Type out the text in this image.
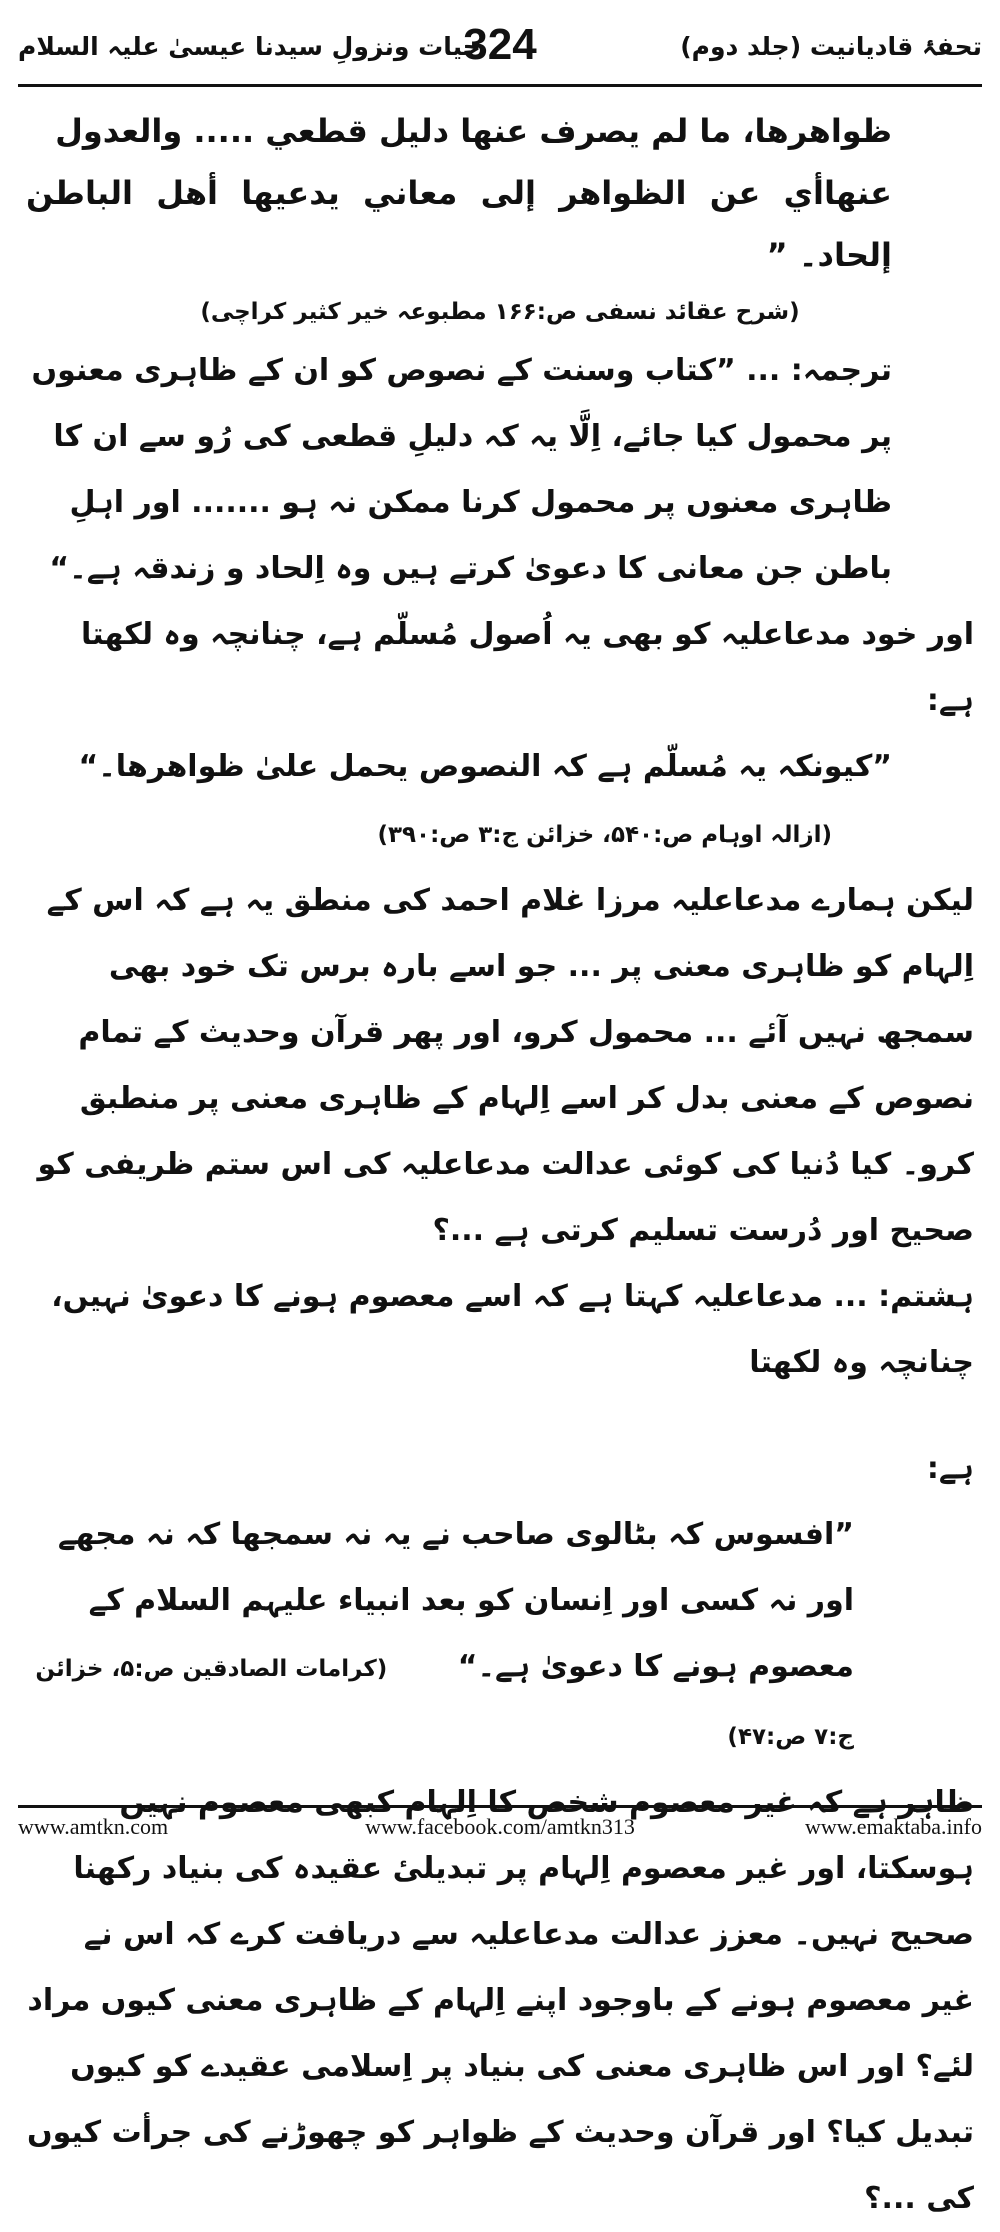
تحفۂ قادیانیت (جلد دوم)
324
حیات ونزولِ سیدنا عیسیٰ علیہ السلام
ظواهرها، ما لم يصرف عنها دليل قطعي ..... والعدول
عنهاأي عن الظواهر إلى معاني يدعيها أهل الباطن إلحاد۔ ”
(شرح عقائد نسفی ص:۱۶۶ مطبوعہ خیر کثیر کراچی)
ترجمہ: ... ”کتاب وسنت کے نصوص کو ان کے ظاہری معنوں پر محمول کیا جائے، اِلَّا یہ کہ دلیلِ قطعی کی رُو سے ان کا ظاہری معنوں پر محمول کرنا ممکن نہ ہو ....... اور اہلِ باطن جن معانی کا دعویٰ کرتے ہیں وہ اِلحاد و زندقہ ہے۔“
اور خود مدعاعلیہ کو بھی یہ اُصول مُسلّم ہے، چنانچہ وہ لکھتا ہے:
”کیونکہ یہ مُسلّم ہے کہ النصوص یحمل علیٰ ظواھرھا۔“ (ازالہ اوہام ص:۵۴۰، خزائن ج:۳ ص:۳۹۰)
لیکن ہمارے مدعاعلیہ مرزا غلام احمد کی منطق یہ ہے کہ اس کے اِلہام کو ظاہری معنی پر ... جو اسے بارہ برس تک خود بھی سمجھ نہیں آئے ... محمول کرو، اور پھر قرآن وحدیث کے تمام نصوص کے معنی بدل کر اسے اِلہام کے ظاہری معنی پر منطبق کرو۔ کیا دُنیا کی کوئی عدالت مدعاعلیہ کی اس ستم ظریفی کو صحیح اور دُرست تسلیم کرتی ہے ...؟
ہشتم: ... مدعاعلیہ کہتا ہے کہ اسے معصوم ہونے کا دعویٰ نہیں، چنانچہ وہ لکھتا
ہے:
”افسوس کہ بٹالوی صاحب نے یہ نہ سمجھا کہ نہ مجھے اور نہ کسی اور اِنسان کو بعد انبیاء علیہم السلام کے معصوم ہونے کا دعویٰ ہے۔“ (کرامات الصادقین ص:۵، خزائن ج:۷ ص:۴۷)
ظاہر ہے کہ غیر معصوم شخص کا اِلہام کبھی معصوم نہیں ہوسکتا، اور غیر معصوم اِلہام پر تبدیلیٔ عقیدہ کی بنیاد رکھنا صحیح نہیں۔ معزز عدالت مدعاعلیہ سے دریافت کرے کہ اس نے غیر معصوم ہونے کے باوجود اپنے اِلہام کے ظاہری معنی کیوں مراد لئے؟ اور اس ظاہری معنی کی بنیاد پر اِسلامی عقیدے کو کیوں تبدیل کیا؟ اور قرآن وحدیث کے ظواہر کو چھوڑنے کی جرأت کیوں کی ...؟
www.amtkn.com	www.facebook.com/amtkn313	www.emaktaba.info
